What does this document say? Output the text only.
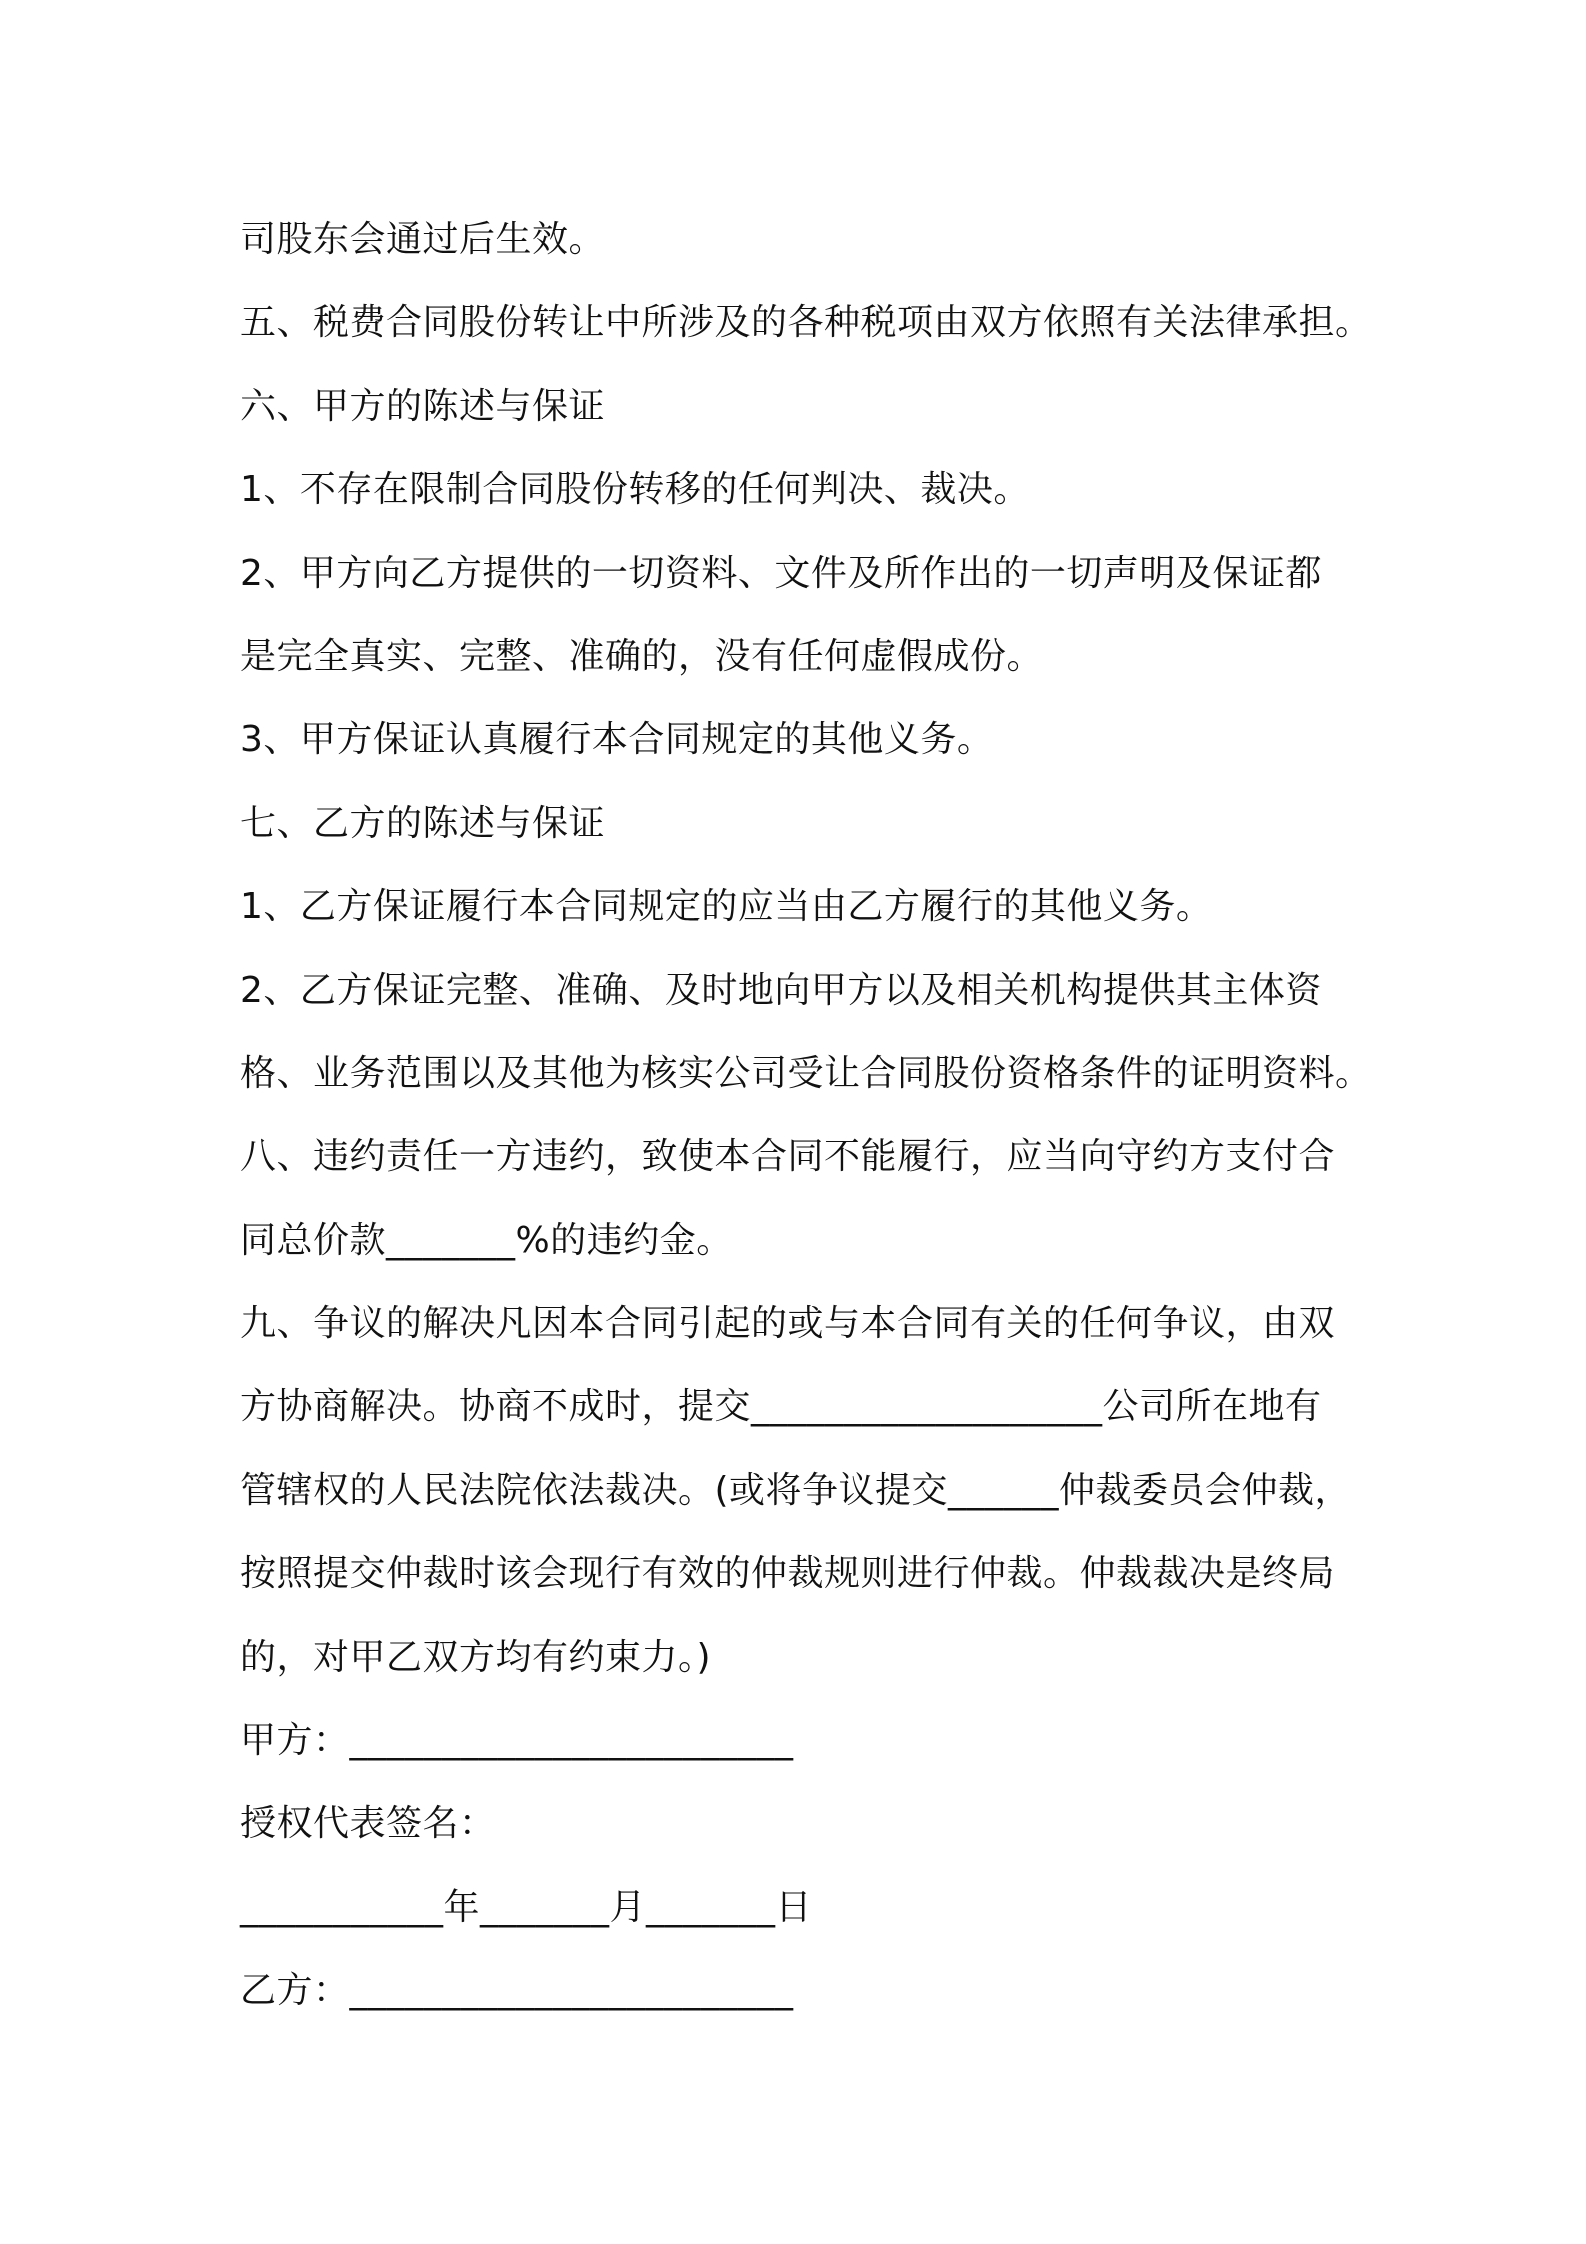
司股东会通过后生效。
五、税费合同股份转让中所涉及的各种税项由双方依照有关法律承担。
六、甲方的陈述与保证
1、不存在限制合同股份转移的任何判决、裁决。
2、甲方向乙方提供的一切资料、文件及所作出的一切声明及保证都
是完全真实、完整、准确的，没有任何虚假成份。
3、甲方保证认真履行本合同规定的其他义务。
七、乙方的陈述与保证
1、乙方保证履行本合同规定的应当由乙方履行的其他义务。
2、乙方保证完整、准确、及时地向甲方以及相关机构提供其主体资
格、业务范围以及其他为核实公司受让合同股份资格条件的证明资料。
八、违约责任一方违约，致使本合同不能履行，应当向守约方支付合
同总价款_______%的违约金。
九、争议的解决凡因本合同引起的或与本合同有关的任何争议，由双
方协商解决。协商不成时，提交___________________公司所在地有
管辖权的人民法院依法裁决。(或将争议提交______仲裁委员会仲裁，
按照提交仲裁时该会现行有效的仲裁规则进行仲裁。仲裁裁决是终局
的，对甲乙双方均有约束力。)
甲方：________________________
授权代表签名：
___________年_______月_______日
乙方：________________________
